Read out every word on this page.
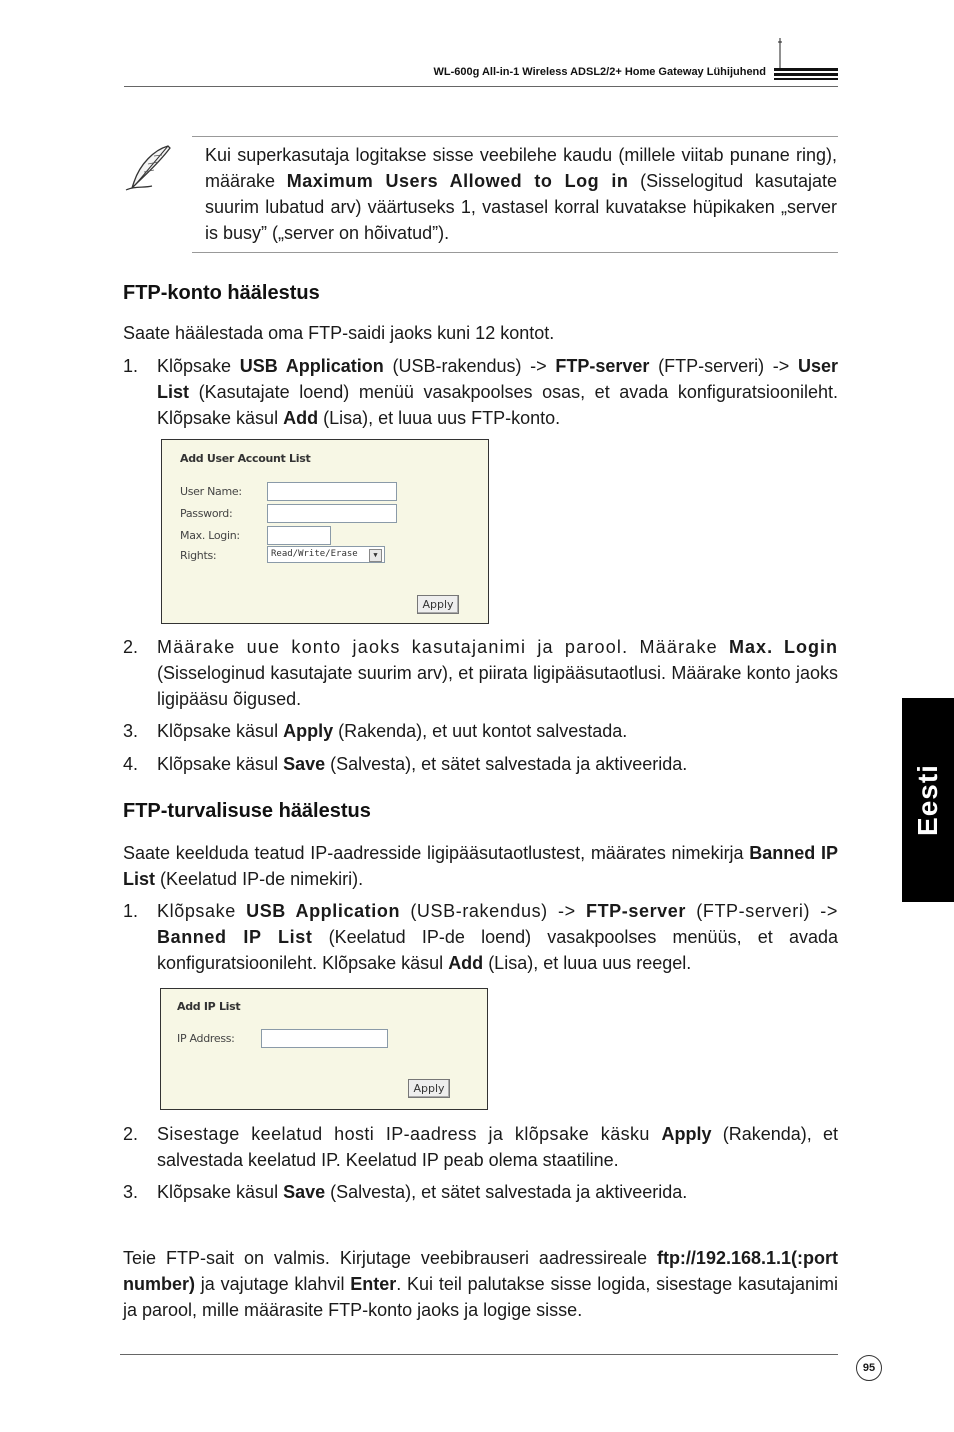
WL-600g All-in-1 Wireless ADSL2/2+ Home Gateway Lühijuhend

Kui superkasutaja logitakse sisse veebilehe kaudu (millele viitab punane ring), määrake Maximum Users Allowed to Log in (Sisselogitud kasutajate suurim lubatud arv) väärtuseks 1, vastasel korral kuvatakse hüpikaken „server is busy” („server on hõivatud”).

FTP-konto häälestus

Saate häälestada oma FTP-saidi jaoks kuni 12 kontot.

1. Klõpsake USB Application (USB-rakendus) -> FTP-server (FTP-serveri) -> User List (Kasutajate loend) menüü vasakpoolses osas, et avada konfiguratsioonileht. Klõpsake käsul Add (Lisa), et luua uus FTP-konto.

Add User Account List
User Name:
Password:
Max. Login:
Rights:	Read/Write/Erase	▼
Apply
2. Määrake uue konto jaoks kasutajanimi ja parool. Määrake Max. Login (Sisseloginud kasutajate suurim arv), et piirata ligipääsutaotlusi. Määrake konto jaoks ligipääsu õigused.

3. Klõpsake käsul Apply (Rakenda), et uut kontot salvestada.

4. Klõpsake käsul Save (Salvesta), et sätet salvestada ja aktiveerida.

FTP-turvalisuse häälestus

Saate keelduda teatud IP-aadresside ligipääsutaotlustest, määrates nimekirja Banned IP List (Keelatud IP-de nimekiri).

1. Klõpsake USB Application (USB-rakendus) -> FTP-server (FTP-serveri) -> Banned IP List (Keelatud IP-de loend) vasakpoolses menüüs, et avada konfiguratsioonileht. Klõpsake käsul Add (Lisa), et luua uus reegel.

Add IP List
IP Address:
Apply
2. Sisestage keelatud hosti IP-aadress ja klõpsake käsku Apply (Rakenda), et salvestada keelatud IP. Keelatud IP peab olema staatiline.

3. Klõpsake käsul Save (Salvesta), et sätet salvestada ja aktiveerida.

Teie FTP-sait on valmis. Kirjutage veebibrauseri aadressireale ftp://192.168.1.1(:port number) ja vajutage klahvil Enter. Kui teil palutakse sisse logida, sisestage kasutajanimi ja parool, mille määrasite FTP-konto jaoks ja logige sisse.

Eesti
95
